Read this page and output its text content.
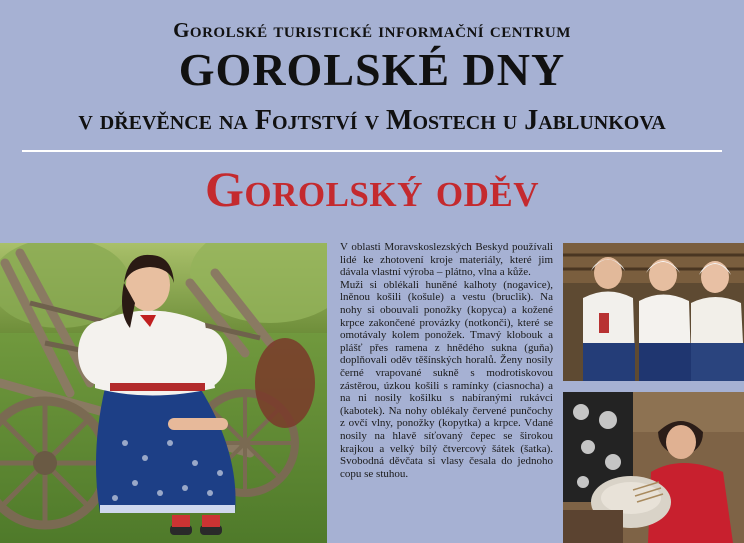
Gorolské turistické informační centrum
GOROLSKÉ DNY
v dřevěnce na Fojtství v Mostech u Jablunkova
Gorolský oděv

V oblasti Moravskoslezských Beskyd používali lidé ke zhotovení kroje materiály, které jim dávala vlastní výroba – plátno, vlna a kůže.

Muži si oblékali huněné kalhoty (nogavice), lněnou košili (košule) a vestu (bruclik). Na nohy si obouvali ponožky (kopyca) a kožené krpce zakončené provázky (notkonči), které se omotávaly kolem ponožek. Tmavý klobouk a plášť přes ramena z hnědého sukna (guňa) doplňovali oděv těšínských horalů. Ženy nosily černé vrapované sukně s modrotiskovou zástěrou, úzkou košili s ramínky (ciasnocha) a na ni nosily košilku s nabíranými rukávci (kabotek). Na nohy oblékaly červené punčochy z ovčí vlny, ponožky (kopytka) a krpce. Vdané nosily na hlavě síťovaný čepec se širokou krajkou a velký bílý čtvercový šátek (šatka). Svobodná děvčata si vlasy česala do jednoho copu se stuhou.
